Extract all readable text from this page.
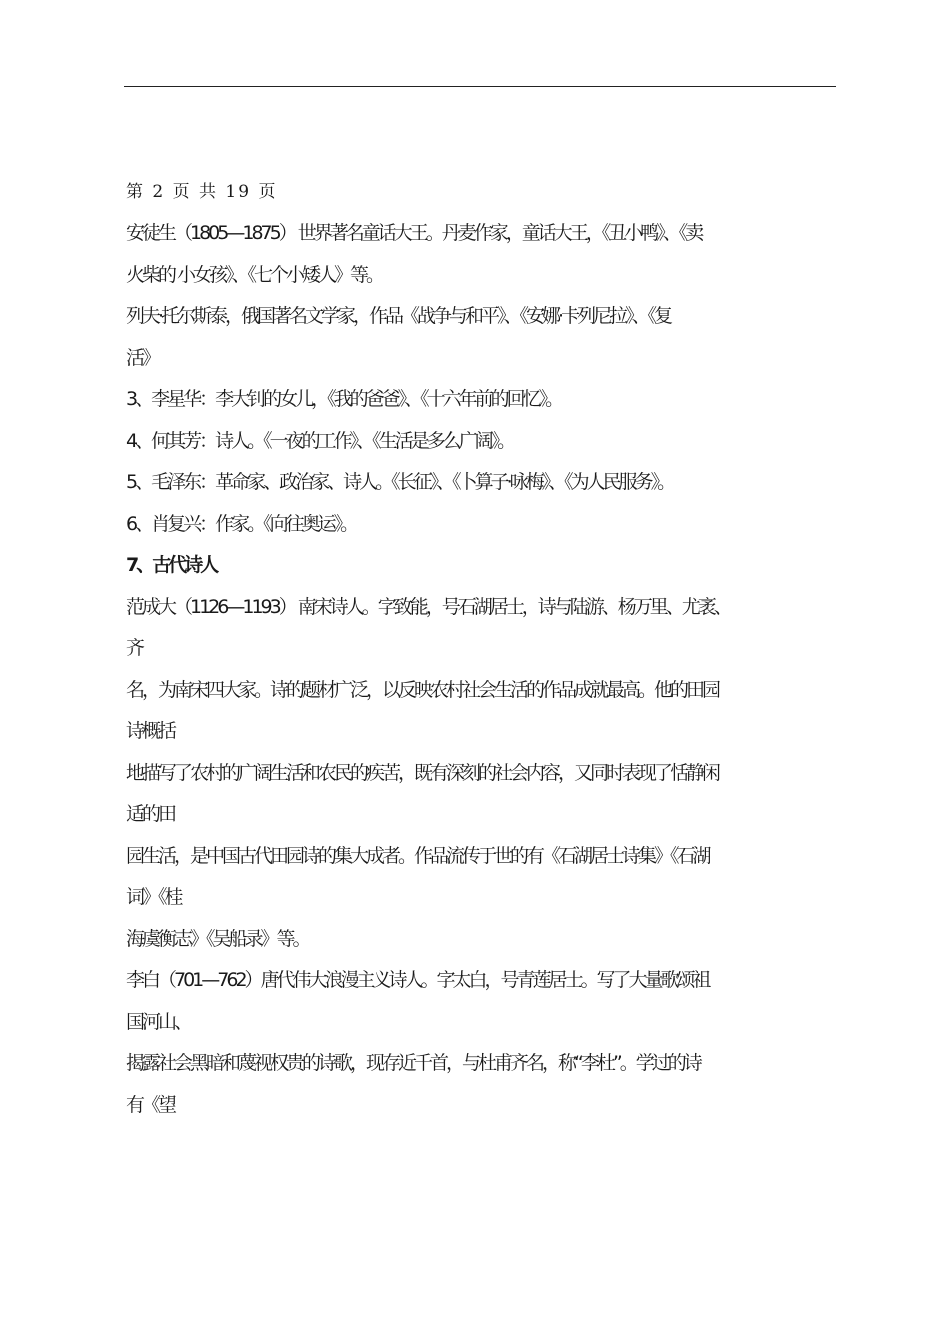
第 2 页 共 19 页
安徒生（1805—1875） 世界著名童话大王。丹麦作家，童话大王，《丑小鸭》、《卖
火柴的 小女孩》、《七个小矮人》等。
列夫·托尔斯泰，俄国著名文学家，作品《战争与和平》、《安娜·卡列尼拉》、《复
活》
3、李星华：李大钊的女儿，《我的爸爸》、《十六年前的回忆》。
4、何其芳：诗人。《一夜的工作》、《生活是多么广阔》。
5、毛泽东：革命家、政治家、诗人。《长征》、《卜算子·咏梅》、《为人民服务》。
6、肖复兴：作家。《向往奥运》。
7、古代诗人
范成大（1126—1193） 南宋诗人。字致能，号石湖居士，诗与陆游、杨万里、尤袤、
齐
名，为南宋四大家。诗的题材广泛，以反映农村社会生活的作品成就最高。他的田园
诗概括
地描写了农村的广阔生活和农民的疾苦，既有深刻的社会内容，又同时表现了恬静闲
适的田
园生活，是中国古代田园诗的集大成者。作品流传于世的有《石湖居士诗集》《石湖
词》《桂
海虞衡志》《吴船录》等。
李白（701—762）唐代伟大浪漫主义诗人。字太白，号青莲居士。写了大量歌颂祖
国河山、
揭露社会黑暗和蔑视权贵的诗歌，现存近千首，与杜甫齐名，称“李杜”。学过的诗
有《望
